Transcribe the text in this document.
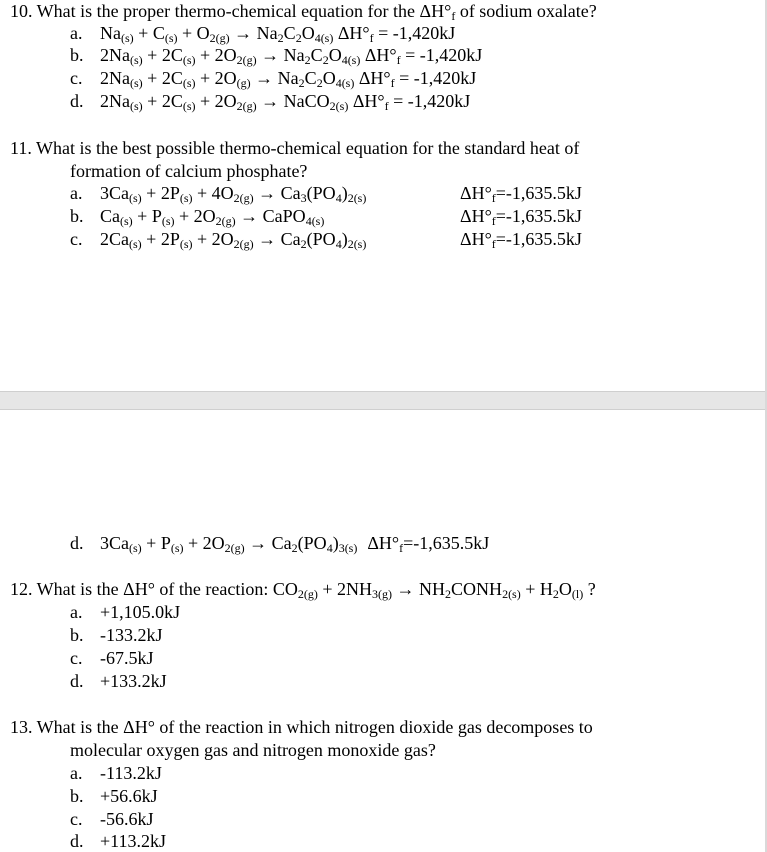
10. What is the proper thermo-chemical equation for the $\Delta H^\circ_f$ of sodium oxalate?
a. $Na_{(s)} + C_{(s)} + O_{2(g)} \to Na_2C_2O_{4(s)}$ $\Delta H^\circ_f = -1,420kJ$
b. $2Na_{(s)} + 2C_{(s)} + 2O_{2(g)} \to Na_2C_2O_{4(s)}$ $\Delta H^\circ_f = -1,420kJ$
c. $2Na_{(s)} + 2C_{(s)} + 2O_{(g)} \to Na_2C_2O_{4(s)}$ $\Delta H^\circ_f = -1,420kJ$
d. $2Na_{(s)} + 2C_{(s)} + 2O_{2(g)}$ → NaCO$_{2(s)}$ $\Delta H^\circ_f = -1,420kJ$
11. What is the best possible thermo-chemical equation for the standard heat of
formation of calcium phosphate?
a. $3Ca_{(s)} + 2P_{(s)} + 4O_{2(g)} \to Ca_3(PO_4)_{2(s)}$	$\Delta H^\circ_f=-1,635.5kJ$
b. $Ca_{(s)} + P_{(s)} + 2O_{2(g)}$ → CaPO$_{4(s)}$	$\Delta H^\circ_f=-1,635.5kJ$
c. $2Ca_{(s)} + 2P_{(s)} + 2O_{2(g)} \to Ca_2(PO_4)_{2(s)}$	$\Delta H^\circ_f=-1,635.5kJ$
d. $3Ca_{(s)} + P_{(s)} + 2O_{2(g)} \to Ca_2(PO_4)_{3(s)}$ $\Delta H^\circ_f=-1,635.5kJ$
12. What is the ΔH° of the reaction: $CO_{2(g)} + 2NH_{3(g)}$ → $NH_2CONH_{2(s)} + H_2O_{(l)}$ ?
a. +1,105.0kJ
b. -133.2kJ
c. -67.5kJ
d. +133.2kJ
13. What is the ΔH° of the reaction in which nitrogen dioxide gas decomposes to
molecular oxygen gas and nitrogen monoxide gas?
a. -113.2kJ
b. +56.6kJ
c. -56.6kJ
d. +113.2kJ
